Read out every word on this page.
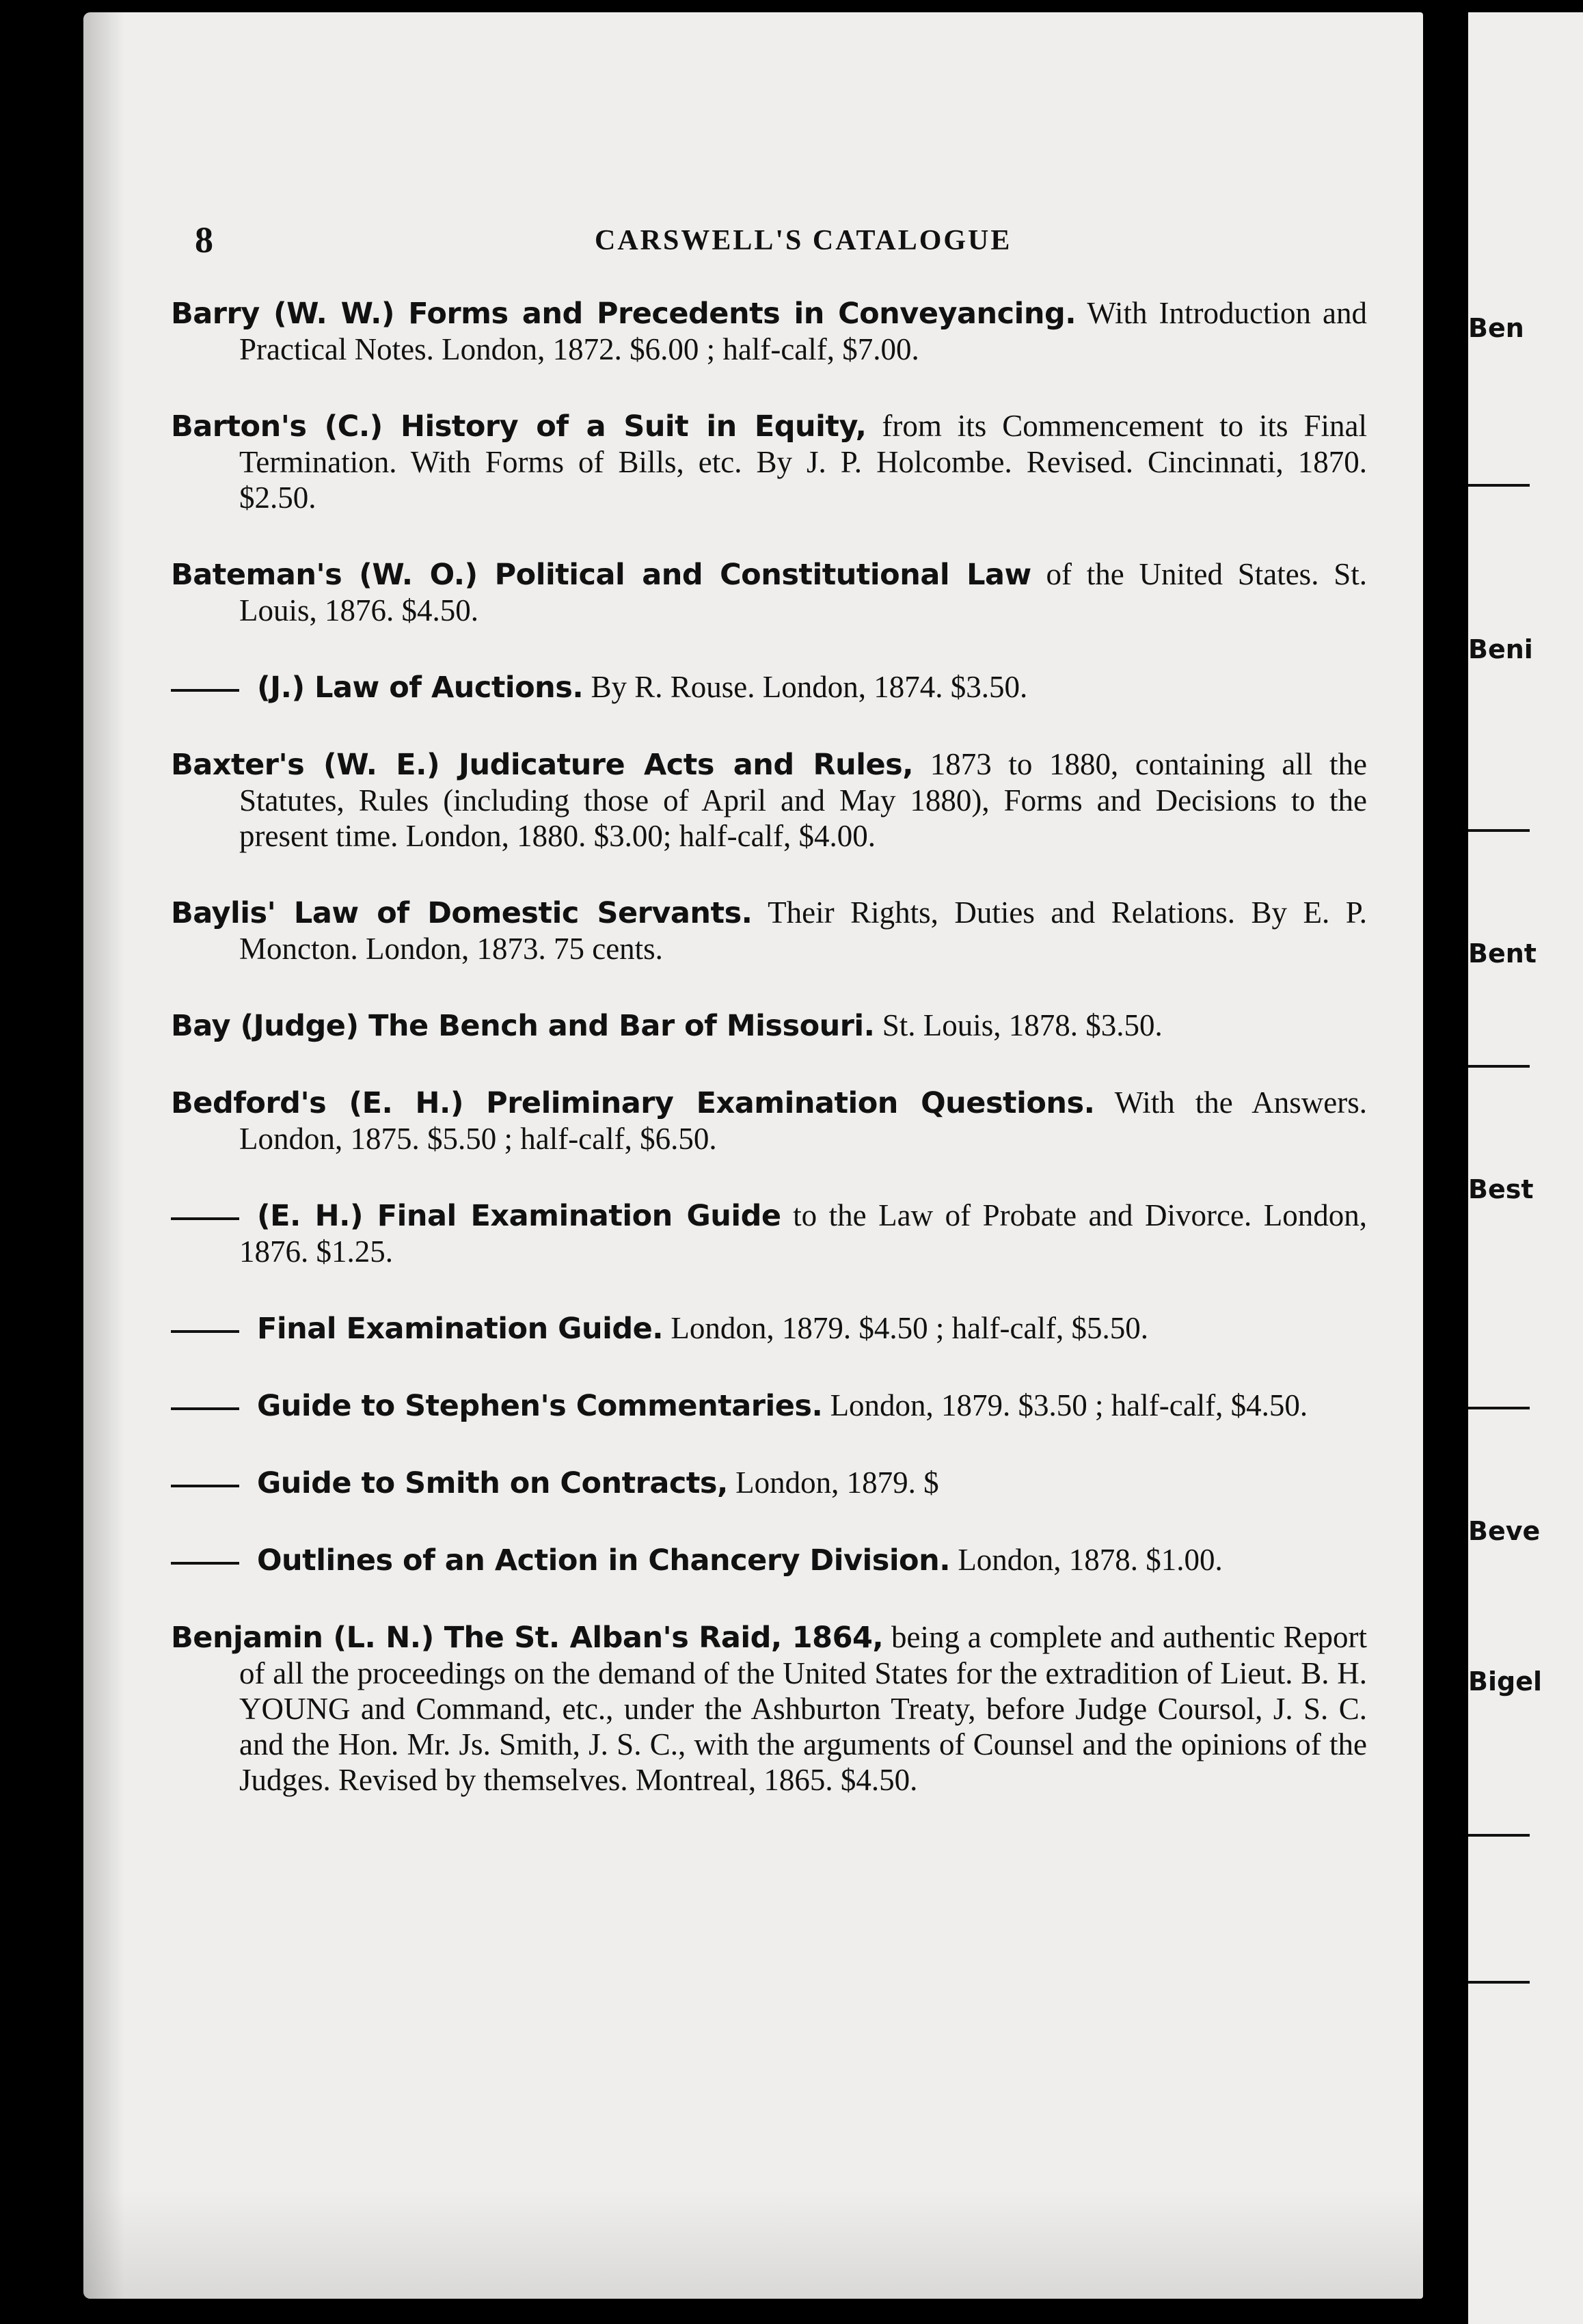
8	CARSWELL'S CATALOGUE
Barry (W. W.) Forms and Precedents in Conveyancing. With Introduction and Practical Notes. London, 1872. $6.00 ; half-calf, $7.00.
Barton's (C.) History of a Suit in Equity, from its Commencement to its Final Termination. With Forms of Bills, etc. By J. P. Holcombe. Revised. Cincinnati, 1870. $2.50.
Bateman's (W. O.) Political and Constitutional Law of the United States. St. Louis, 1876. $4.50.
(J.) Law of Auctions. By R. Rouse. London, 1874. $3.50.
Baxter's (W. E.) Judicature Acts and Rules, 1873 to 1880, containing all the Statutes, Rules (including those of April and May 1880), Forms and Decisions to the present time. London, 1880. $3.00; half-calf, $4.00.
Baylis' Law of Domestic Servants. Their Rights, Duties and Relations. By E. P. Moncton. London, 1873. 75 cents.
Bay (Judge) The Bench and Bar of Missouri. St. Louis, 1878. $3.50.
Bedford's (E. H.) Preliminary Examination Questions. With the Answers. London, 1875. $5.50 ; half-calf, $6.50.
(E. H.) Final Examination Guide to the Law of Probate and Divorce. London, 1876. $1.25.
Final Examination Guide. London, 1879. $4.50 ; half-calf, $5.50.
Guide to Stephen's Commentaries. London, 1879. $3.50 ; half-calf, $4.50.
Guide to Smith on Contracts, London, 1879. $
Outlines of an Action in Chancery Division. London, 1878. $1.00.
Benjamin (L. N.) The St. Alban's Raid, 1864, being a complete and authentic Report of all the proceedings on the demand of the United States for the extradition of Lieut. B. H. YOUNG and Command, etc., under the Ashburton Treaty, before Judge Coursol, J. S. C. and the Hon. Mr. Js. Smith, J. S. C., with the arguments of Counsel and the opinions of the Judges. Revised by themselves. Montreal, 1865. $4.50.
Ben
Beni
Bent
Best
Beve
Bigel
